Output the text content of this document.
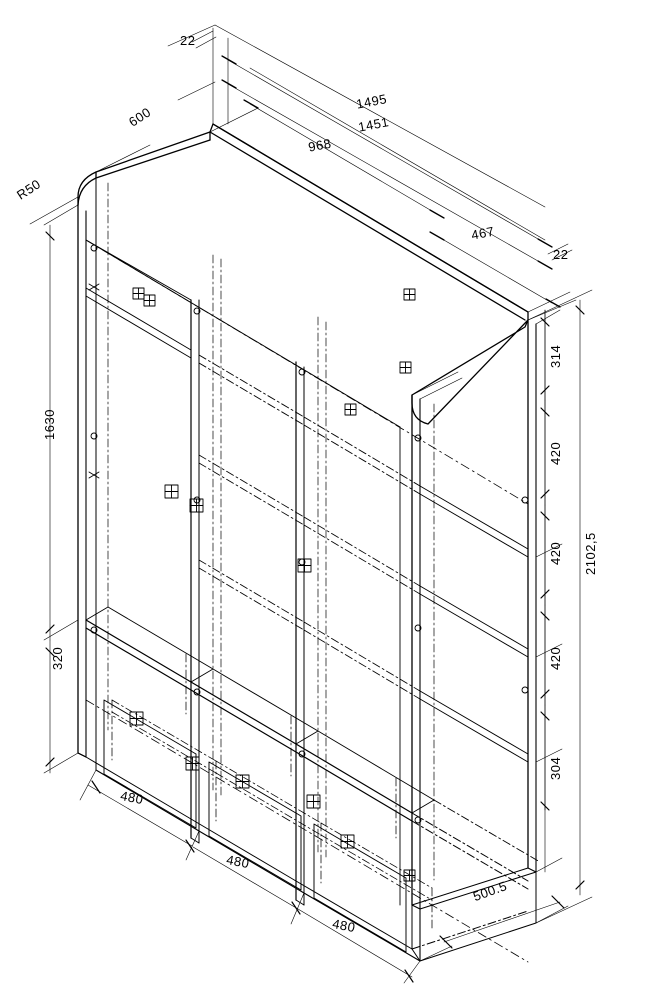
22
600
R50
1495
1451
968
467
22
1630
320
314
420
420
420
304
2102,5
480
480
480
500.5
